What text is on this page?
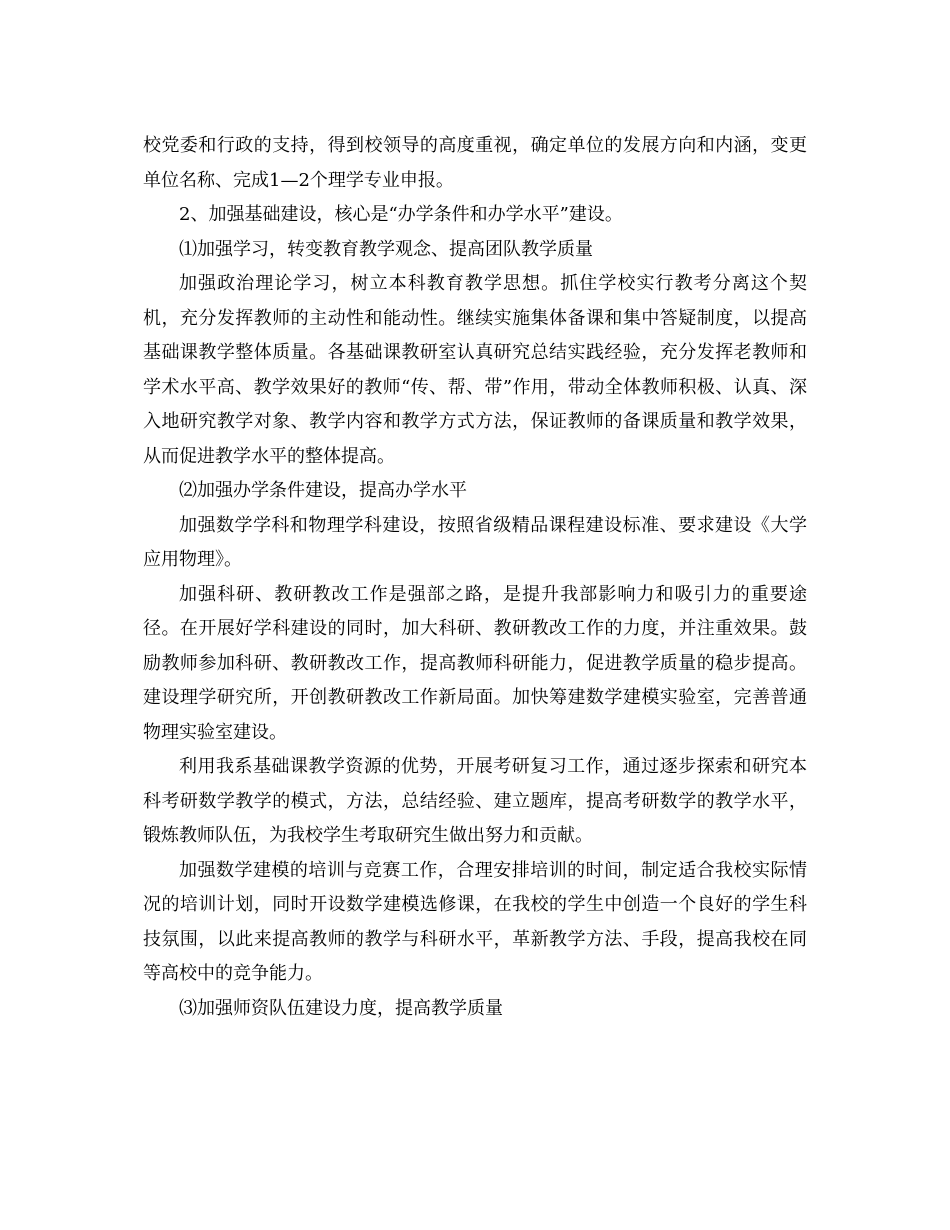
校党委和行政的支持，得到校领导的高度重视，确定单位的发展方向和内涵，变更单位名称、完成1—2个理学专业申报。

2、加强基础建设，核心是“办学条件和办学水平”建设。

⑴加强学习，转变教育教学观念、提高团队教学质量

加强政治理论学习，树立本科教育教学思想。抓住学校实行教考分离这个契机，充分发挥教师的主动性和能动性。继续实施集体备课和集中答疑制度，以提高基础课教学整体质量。各基础课教研室认真研究总结实践经验，充分发挥老教师和学术水平高、教学效果好的教师“传、帮、带”作用，带动全体教师积极、认真、深入地研究教学对象、教学内容和教学方式方法，保证教师的备课质量和教学效果，从而促进教学水平的整体提高。

⑵加强办学条件建设，提高办学水平

加强数学学科和物理学科建设，按照省级精品课程建设标准、要求建设《大学应用物理》。

加强科研、教研教改工作是强部之路，是提升我部影响力和吸引力的重要途径。在开展好学科建设的同时，加大科研、教研教改工作的力度，并注重效果。鼓励教师参加科研、教研教改工作，提高教师科研能力，促进教学质量的稳步提高。建设理学研究所，开创教研教改工作新局面。加快筹建数学建模实验室，完善普通物理实验室建设。

利用我系基础课教学资源的优势，开展考研复习工作，通过逐步探索和研究本科考研数学教学的模式，方法，总结经验、建立题库，提高考研数学的教学水平，锻炼教师队伍，为我校学生考取研究生做出努力和贡献。

加强数学建模的培训与竞赛工作，合理安排培训的时间，制定适合我校实际情况的培训计划，同时开设数学建模选修课，在我校的学生中创造一个良好的学生科技氛围，以此来提高教师的教学与科研水平，革新教学方法、手段，提高我校在同等高校中的竞争能力。

⑶加强师资队伍建设力度，提高教学质量
